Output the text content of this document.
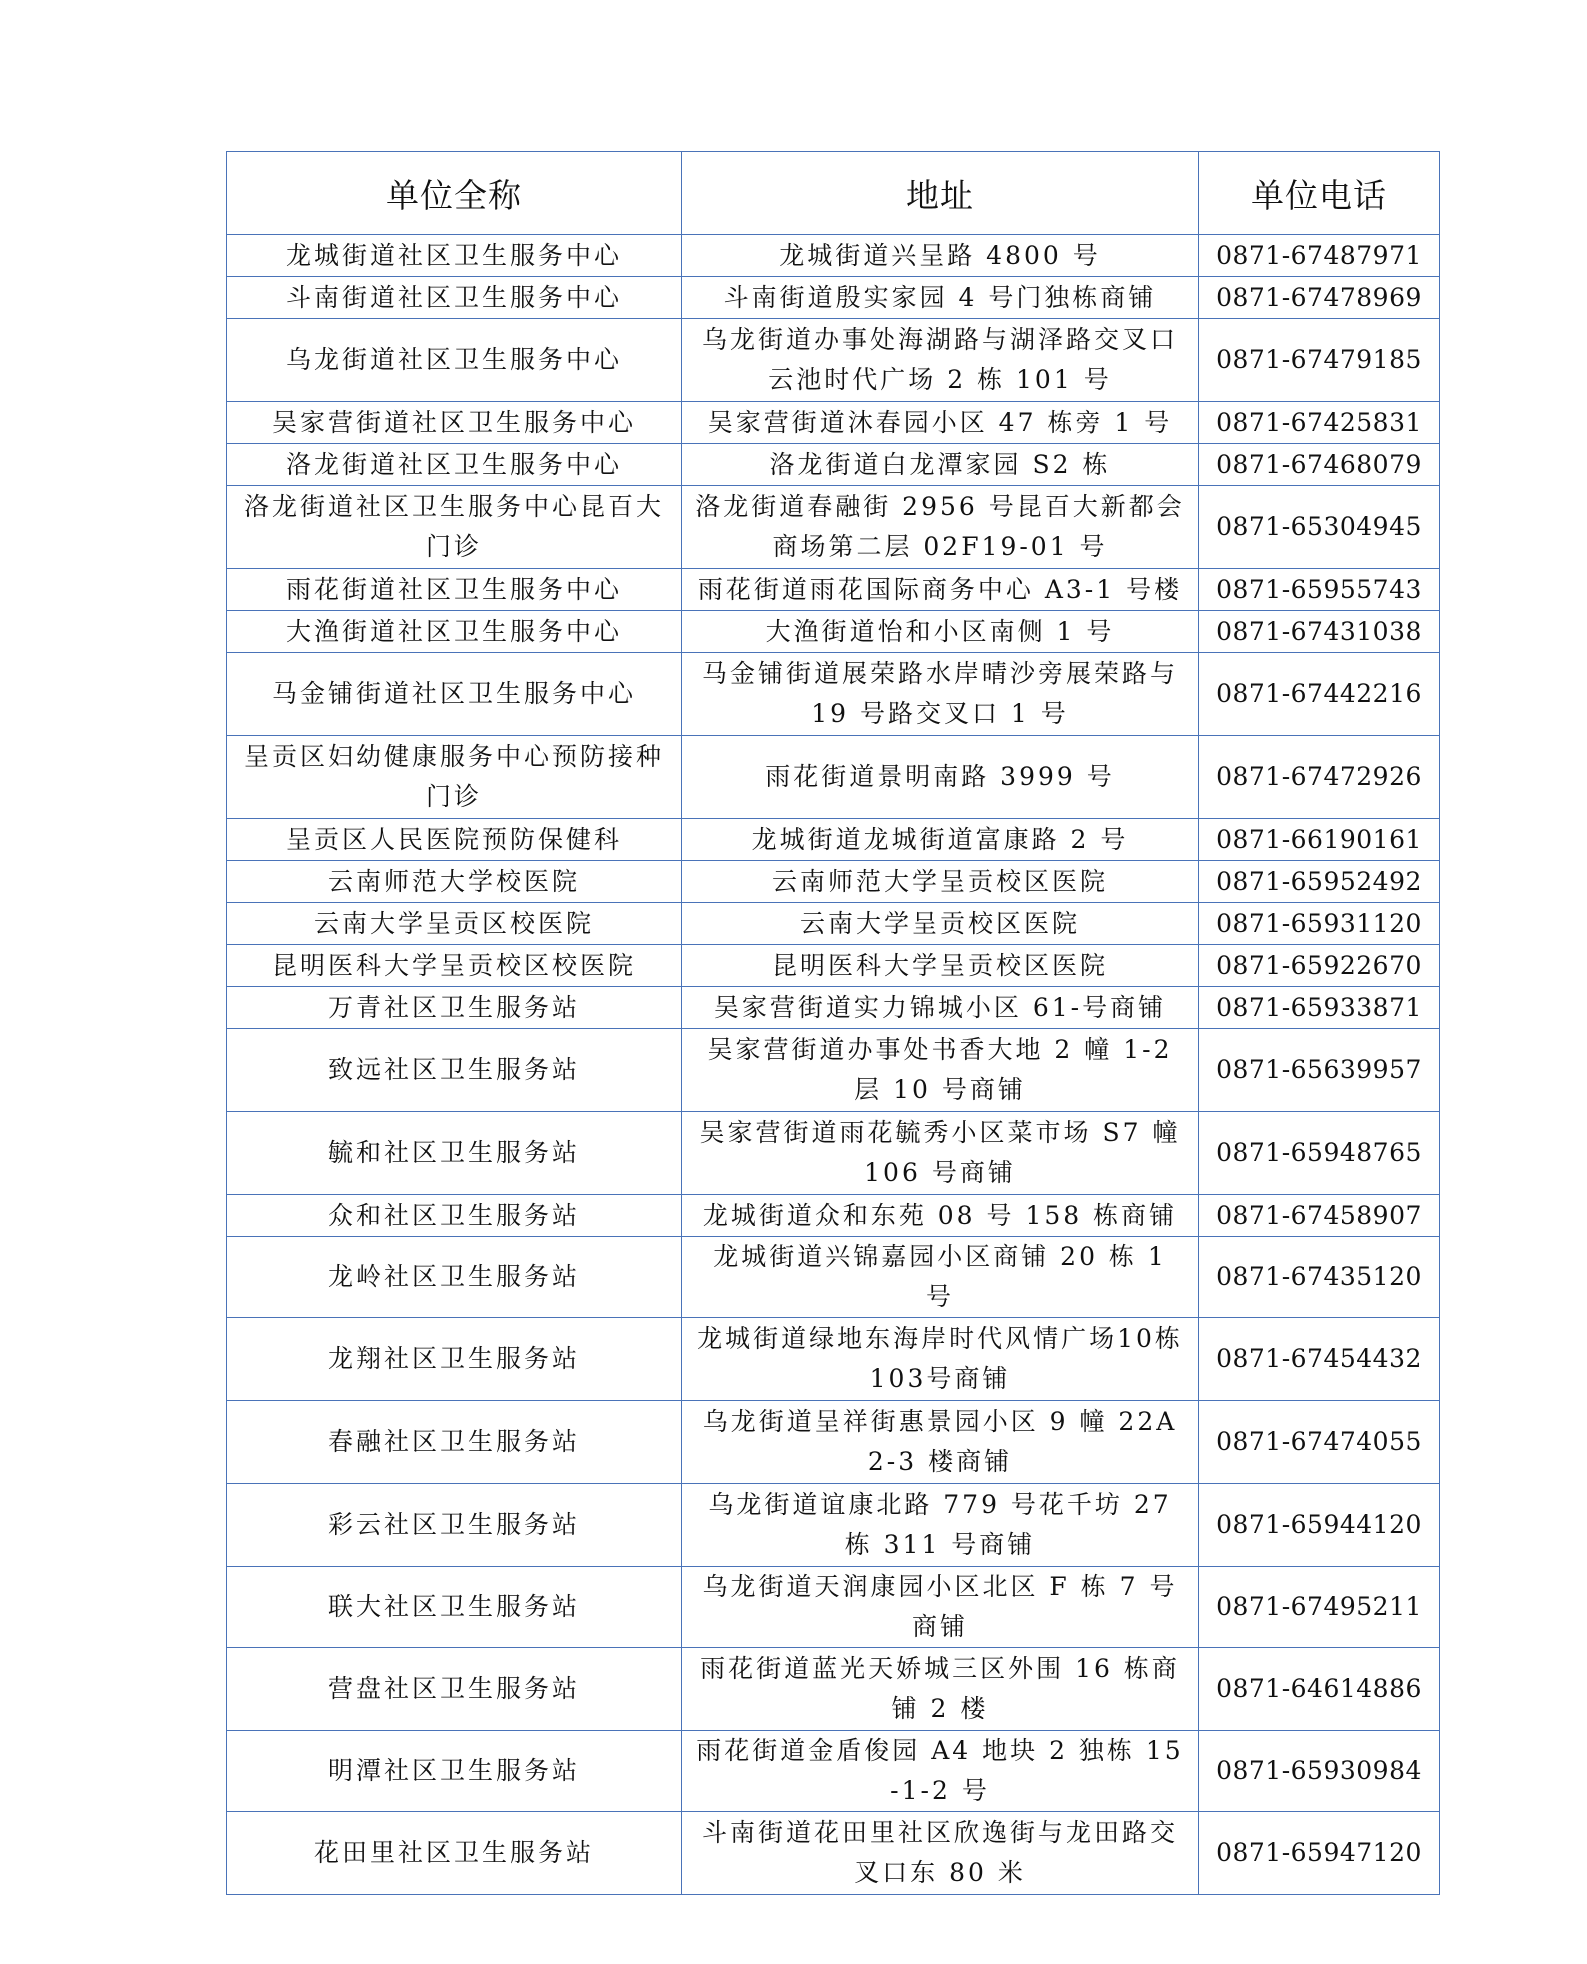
单位全称	地址	单位电话
龙城街道社区卫生服务中心	龙城街道兴呈路 4800 号	0871-67487971
斗南街道社区卫生服务中心	斗南街道殷实家园 4 号门独栋商铺	0871-67478969
乌龙街道社区卫生服务中心	乌龙街道办事处海湖路与湖泽路交叉口云池时代广场 2 栋 101 号	0871-67479185
吴家营街道社区卫生服务中心	吴家营街道沐春园小区 47 栋旁 1 号	0871-67425831
洛龙街道社区卫生服务中心	洛龙街道白龙潭家园 S2 栋	0871-67468079
洛龙街道社区卫生服务中心昆百大门诊	洛龙街道春融街 2956 号昆百大新都会商场第二层 02F19-01 号	0871-65304945
雨花街道社区卫生服务中心	雨花街道雨花国际商务中心 A3-1 号楼	0871-65955743
大渔街道社区卫生服务中心	大渔街道怡和小区南侧 1 号	0871-67431038
马金铺街道社区卫生服务中心	马金铺街道展荣路水岸晴沙旁展荣路与 19 号路交叉口 1 号	0871-67442216
呈贡区妇幼健康服务中心预防接种门诊	雨花街道景明南路 3999 号	0871-67472926
呈贡区人民医院预防保健科	龙城街道龙城街道富康路 2 号	0871-66190161
云南师范大学校医院	云南师范大学呈贡校区医院	0871-65952492
云南大学呈贡区校医院	云南大学呈贡校区医院	0871-65931120
昆明医科大学呈贡校区校医院	昆明医科大学呈贡校区医院	0871-65922670
万青社区卫生服务站	吴家营街道实力锦城小区 61-号商铺	0871-65933871
致远社区卫生服务站	吴家营街道办事处书香大地 2 幢 1-2 层 10 号商铺	0871-65639957
毓和社区卫生服务站	吴家营街道雨花毓秀小区菜市场 S7 幢 106 号商铺	0871-65948765
众和社区卫生服务站	龙城街道众和东苑 08 号 158 栋商铺	0871-67458907
龙岭社区卫生服务站	龙城街道兴锦嘉园小区商铺 20 栋 1 号	0871-67435120
龙翔社区卫生服务站	龙城街道绿地东海岸时代风情广场10栋103号商铺	0871-67454432
春融社区卫生服务站	乌龙街道呈祥街惠景园小区 9 幢 22A2-3 楼商铺	0871-67474055
彩云社区卫生服务站	乌龙街道谊康北路 779 号花千坊 27 栋 311 号商铺	0871-65944120
联大社区卫生服务站	乌龙街道天润康园小区北区 F 栋 7 号商铺	0871-67495211
营盘社区卫生服务站	雨花街道蓝光天娇城三区外围 16 栋商铺 2 楼	0871-64614886
明潭社区卫生服务站	雨花街道金盾俊园 A4 地块 2 独栋 15-1-2 号	0871-65930984
花田里社区卫生服务站	斗南街道花田里社区欣逸街与龙田路交叉口东 80 米	0871-65947120
